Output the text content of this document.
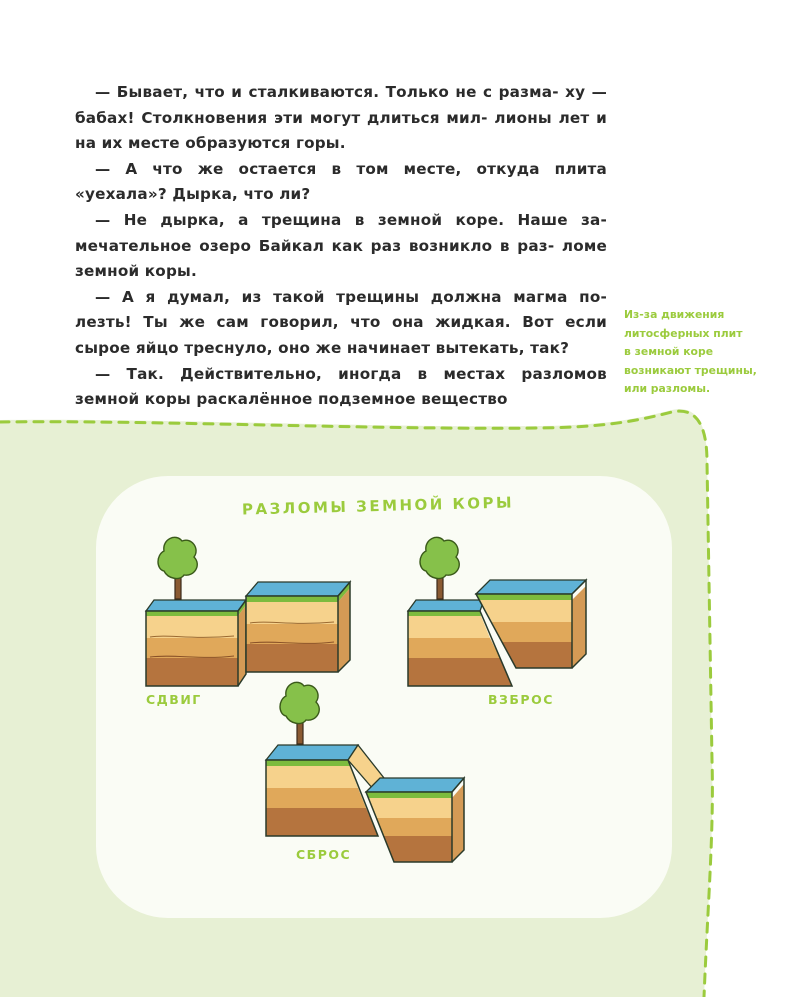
— Бывает, что и сталкиваются. Только не с разма- ху — бабах! Столкновения эти могут длиться мил- лионы лет и на их месте образуются горы.

— А что же остается в том месте, откуда плита «уехала»? Дырка, что ли?

— Не дырка, а трещина в земной коре. Наше за- мечательное озеро Байкал как раз возникло в раз- ломе земной коры.

— А я думал, из такой трещины должна магма по- лезть! Ты же сам говорил, что она жидкая. Вот если сырое яйцо треснуло, оно же начинает вытекать, так?

— Так. Действительно, иногда в местах разломов земной коры раскалённое подземное вещество

Из-за движения
литосферных плит
в земной коре
возникают трещины,
или разломы.
РАЗЛОМЫ ЗЕМНОЙ КОРЫ
СДВИГ	ВЗБРОС
СБРОС
